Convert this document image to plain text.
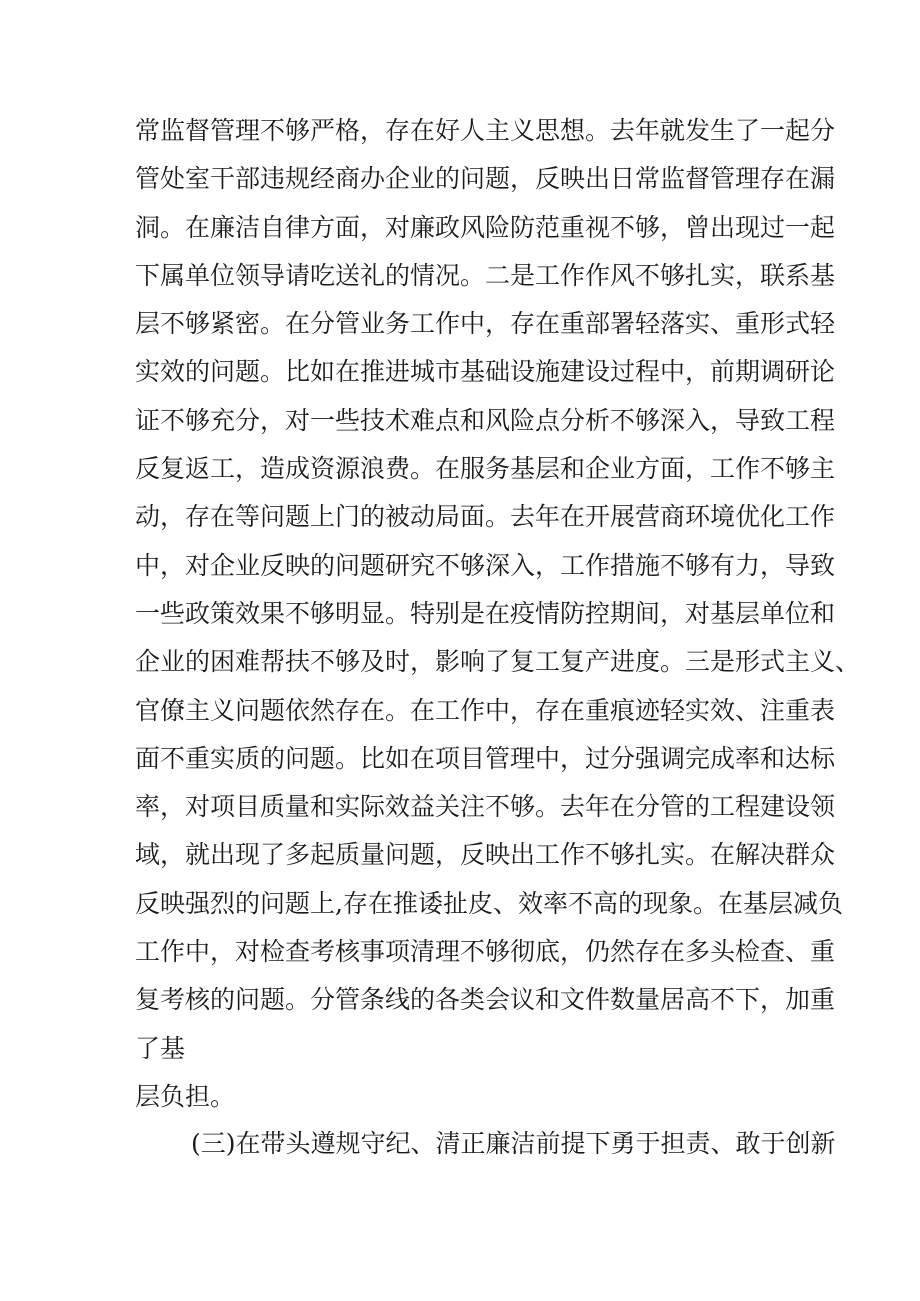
常监督管理不够严格，存在好人主义思想。去年就发生了一起分
管处室干部违规经商办企业的问题，反映出日常监督管理存在漏
洞。在廉洁自律方面，对廉政风险防范重视不够，曾出现过一起
下属单位领导请吃送礼的情况。二是工作作风不够扎实，联系基
层不够紧密。在分管业务工作中，存在重部署轻落实、重形式轻
实效的问题。比如在推进城市基础设施建设过程中，前期调研论
证不够充分，对一些技术难点和风险点分析不够深入，导致工程
反复返工，造成资源浪费。在服务基层和企业方面，工作不够主
动，存在等问题上门的被动局面。去年在开展营商环境优化工作
中，对企业反映的问题研究不够深入，工作措施不够有力，导致
一些政策效果不够明显。特别是在疫情防控期间，对基层单位和
企业的困难帮扶不够及时，影响了复工复产进度。三是形式主义、
官僚主义问题依然存在。在工作中，存在重痕迹轻实效、注重表
面不重实质的问题。比如在项目管理中，过分强调完成率和达标
率，对项目质量和实际效益关注不够。去年在分管的工程建设领
域，就出现了多起质量问题，反映出工作不够扎实。在解决群众
反映强烈的问题上,存在推诿扯皮、效率不高的现象。在基层减负
工作中，对检查考核事项清理不够彻底，仍然存在多头检查、重
复考核的问题。分管条线的各类会议和文件数量居高不下，加重
了基
层负担。
(三)在带头遵规守纪、清正廉洁前提下勇于担责、敢于创新
